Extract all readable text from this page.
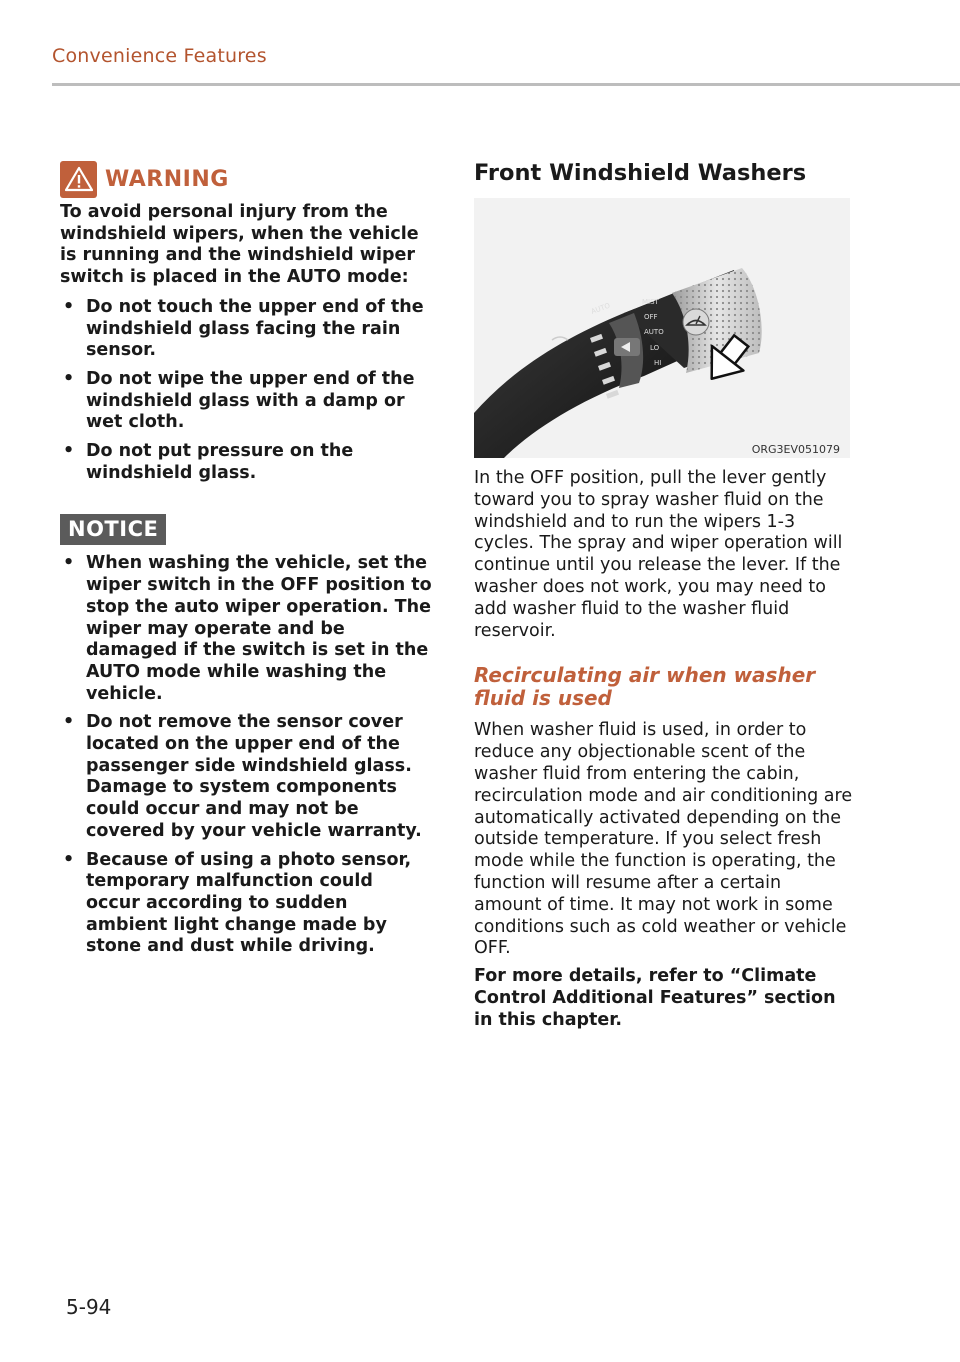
Convenience Features
WARNING

To avoid personal injury from the windshield wipers, when the vehicle is running and the windshield wiper switch is placed in the AUTO mode:

• Do not touch the upper end of the windshield glass facing the rain sensor.
• Do not wipe the upper end of the windshield glass with a damp or wet cloth.
• Do not put pressure on the windshield glass.
NOTICE
• When washing the vehicle, set the wiper switch in the OFF position to stop the auto wiper operation. The wiper may operate and be damaged if the switch is set in the AUTO mode while washing the vehicle.
• Do not remove the sensor cover located on the upper end of the passenger side windshield glass. Damage to system components could occur and may not be covered by your vehicle warranty.
• Because of using a photo sensor, temporary malfunction could occur according to sudden ambient light change made by stone and dust while driving.
Front Windshield Washers
AUTO	MIST
OFF
AUTO
LO
HI
ORG3EV051079

In the OFF position, pull the lever gently toward you to spray washer fluid on the windshield and to run the wipers 1-3 cycles. The spray and wiper operation will continue until you release the lever. If the washer does not work, you may need to add washer fluid to the washer fluid reservoir.

Recirculating air when washer fluid is used

When washer fluid is used, in order to reduce any objectionable scent of the washer fluid from entering the cabin, recirculation mode and air conditioning are automatically activated depending on the outside temperature. If you select fresh mode while the function is operating, the function will resume after a certain amount of time. It may not work in some conditions such as cold weather or vehicle OFF.

For more details, refer to “Climate Control Additional Features” section in this chapter.

5-94
